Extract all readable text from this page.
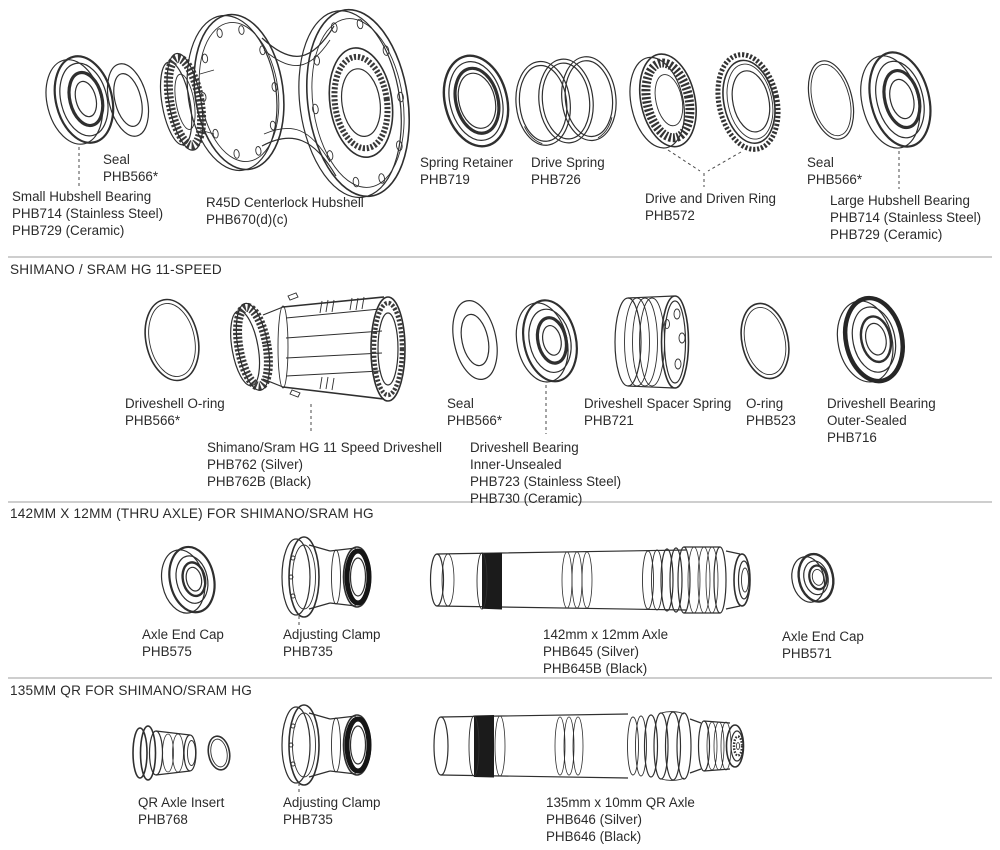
SHIMANO / SRAM HG 11-SPEED
142MM X 12MM (THRU AXLE) FOR SHIMANO/SRAM HG
135MM QR FOR SHIMANO/SRAM HG
Seal
PHB566*
Small Hubshell Bearing
PHB714 (Stainless Steel)
PHB729 (Ceramic)
R45D Centerlock Hubshell
PHB670(d)(c)
Spring Retainer
PHB719
Drive Spring
PHB726
Drive and Driven Ring
PHB572
Seal
PHB566*
Large Hubshell Bearing
PHB714 (Stainless Steel)
PHB729 (Ceramic)
Driveshell O-ring
PHB566*
Shimano/Sram HG 11 Speed Driveshell
PHB762 (Silver)
PHB762B (Black)
Seal
PHB566*
Driveshell Bearing
Inner-Unsealed
PHB723 (Stainless Steel)
PHB730 (Ceramic)
Driveshell Spacer Spring
PHB721
O-ring
PHB523
Driveshell Bearing
Outer-Sealed
PHB716
Axle End Cap
PHB575
Adjusting Clamp
PHB735
142mm x 12mm Axle
PHB645 (Silver)
PHB645B (Black)
Axle End Cap
PHB571
QR Axle Insert
PHB768
Adjusting Clamp
PHB735
135mm x 10mm QR Axle
PHB646 (Silver)
PHB646 (Black)
